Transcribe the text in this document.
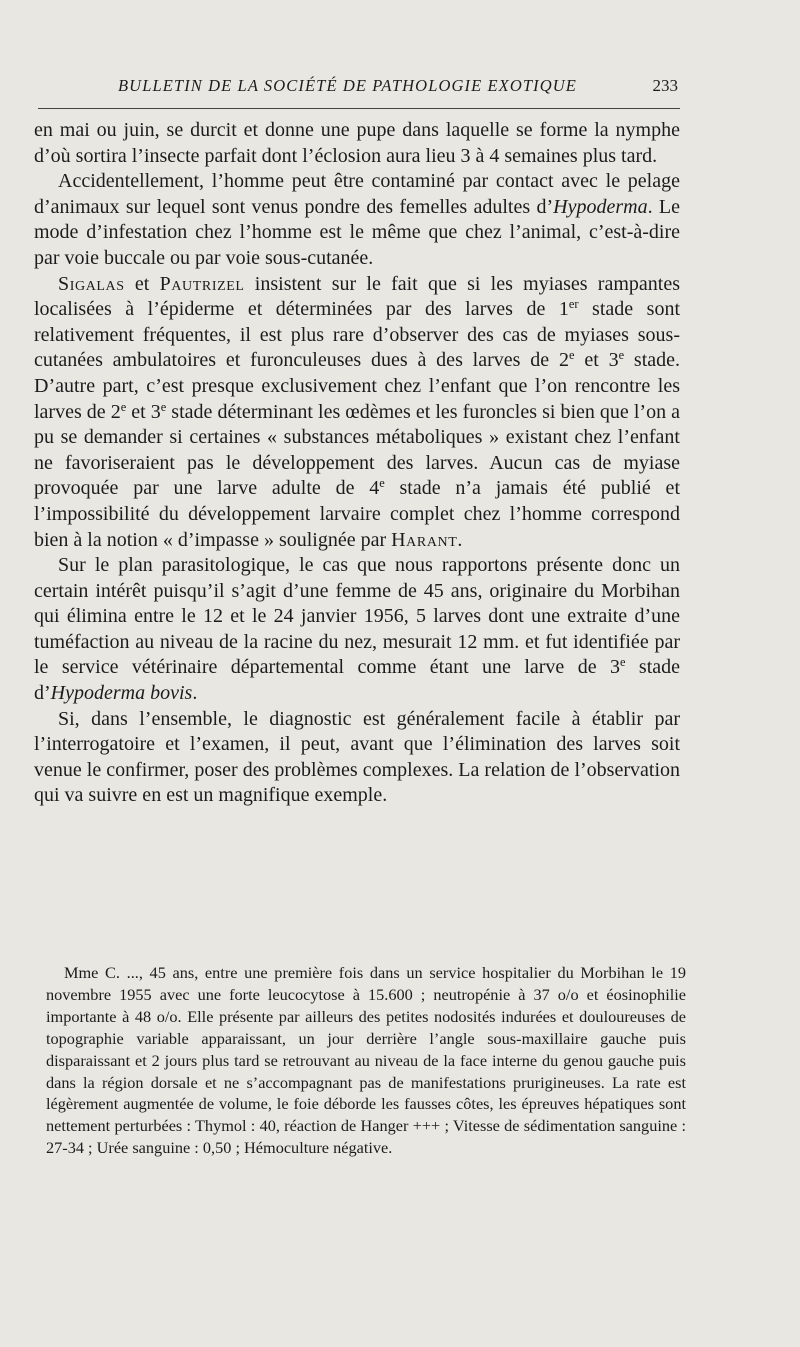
BULLETIN DE LA SOCIÉTÉ DE PATHOLOGIE EXOTIQUE	233

en mai ou juin, se durcit et donne une pupe dans laquelle se forme la nymphe d’où sortira l’insecte parfait dont l’éclosion aura lieu 3 à 4 semaines plus tard.

Accidentellement, l’homme peut être contaminé par contact avec le pelage d’animaux sur lequel sont venus pondre des femelles adultes d’Hypoderma. Le mode d’infestation chez l’homme est le même que chez l’animal, c’est-à-dire par voie buccale ou par voie sous-cutanée.

Sigalas et Pautrizel insistent sur le fait que si les myiases rampantes localisées à l’épiderme et déterminées par des larves de 1er stade sont relativement fréquentes, il est plus rare d’observer des cas de myiases sous-cutanées ambulatoires et furonculeuses dues à des larves de 2e et 3e stade. D’autre part, c’est presque exclusivement chez l’enfant que l’on rencontre les larves de 2e et 3e stade déterminant les œdèmes et les furoncles si bien que l’on a pu se demander si certaines « substances métaboliques » existant chez l’enfant ne favoriseraient pas le développement des larves. Aucun cas de myiase provoquée par une larve adulte de 4e stade n’a jamais été publié et l’impossibilité du développement larvaire complet chez l’homme correspond bien à la notion « d’impasse » soulignée par Harant.

Sur le plan parasitologique, le cas que nous rapportons présente donc un certain intérêt puisqu’il s’agit d’une femme de 45 ans, originaire du Morbihan qui élimina entre le 12 et le 24 janvier 1956, 5 larves dont une extraite d’une tuméfaction au niveau de la racine du nez, mesurait 12 mm. et fut identifiée par le service vétérinaire départemental comme étant une larve de 3e stade d’Hypoderma bovis.

Si, dans l’ensemble, le diagnostic est généralement facile à établir par l’interrogatoire et l’examen, il peut, avant que l’élimination des larves soit venue le confirmer, poser des problèmes complexes. La relation de l’observation qui va suivre en est un magnifique exemple.

Mme C. ..., 45 ans, entre une première fois dans un service hospitalier du Morbihan le 19 novembre 1955 avec une forte leucocytose à 15.600 ; neutropénie à 37 o/o et éosinophilie importante à 48 o/o. Elle présente par ailleurs des petites nodosités indurées et douloureuses de topographie variable apparaissant, un jour derrière l’angle sous-maxillaire gauche puis disparaissant et 2 jours plus tard se retrouvant au niveau de la face interne du genou gauche puis dans la région dorsale et ne s’accompagnant pas de manifestations prurigineuses. La rate est légèrement augmentée de volume, le foie déborde les fausses côtes, les épreuves hépatiques sont nettement perturbées : Thymol : 40, réaction de Hanger +++ ; Vitesse de sédimentation sanguine : 27-34 ; Urée sanguine : 0,50 ; Hémoculture négative.
